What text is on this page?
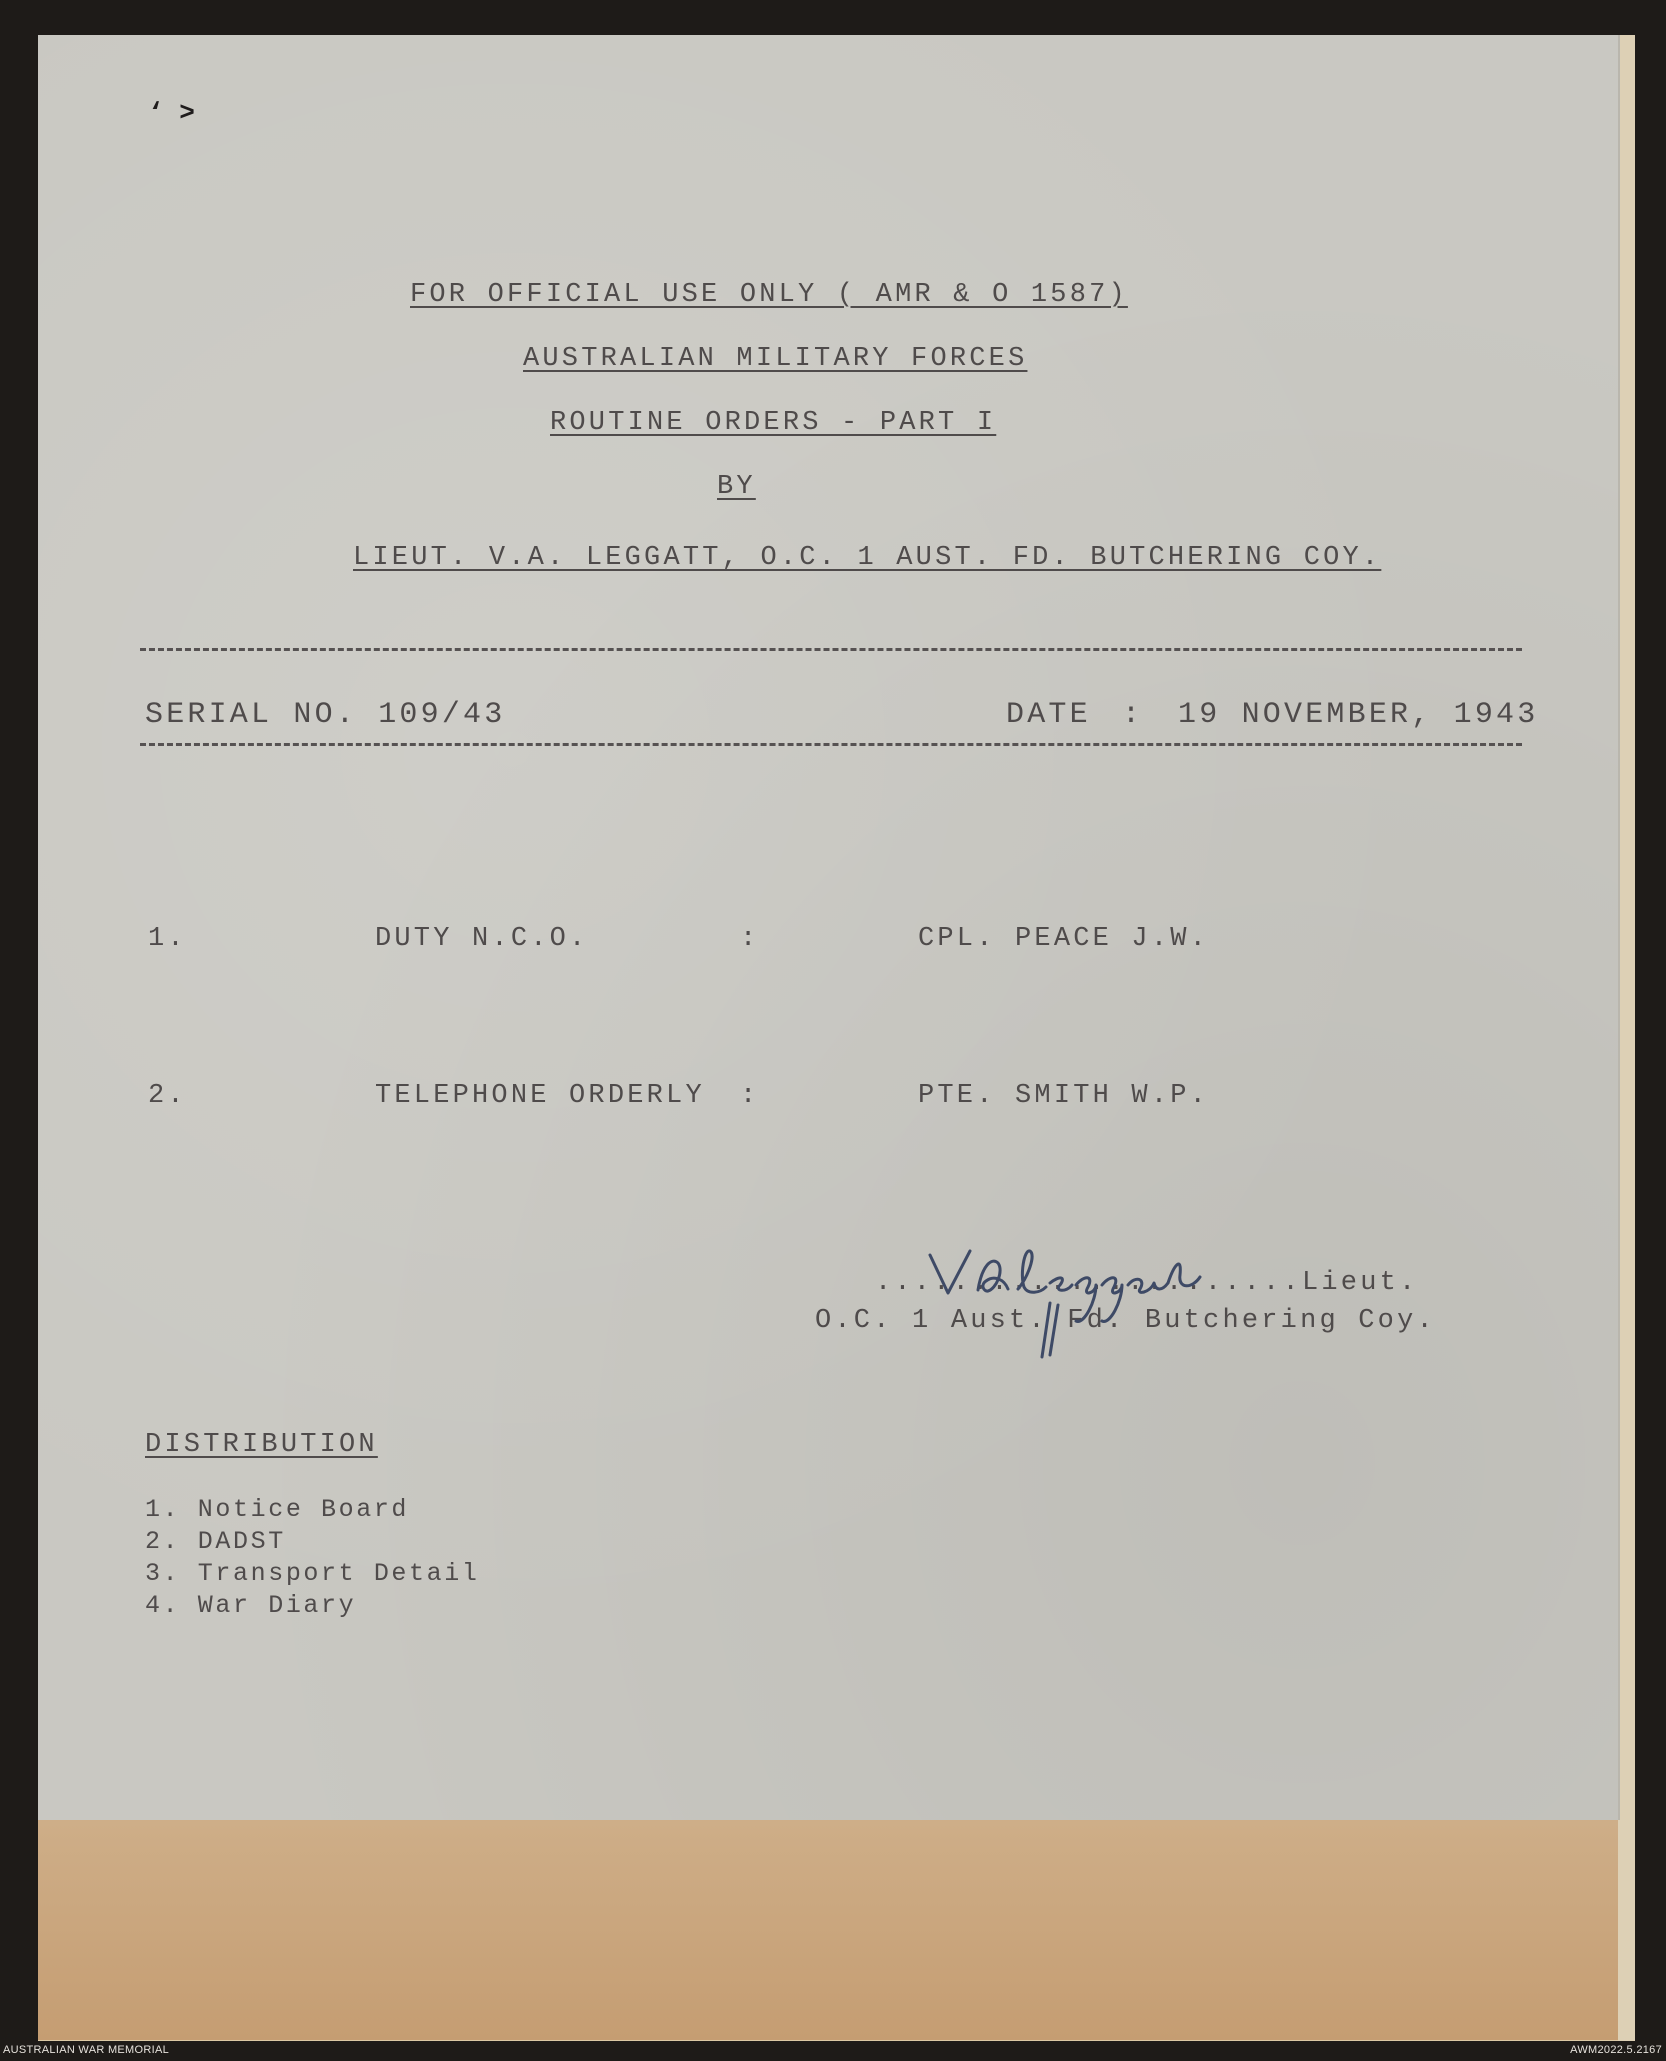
‘ ˃
FOR OFFICIAL USE ONLY ( AMR & O 1587)
AUSTRALIAN MILITARY FORCES
ROUTINE ORDERS - PART I
BY
LIEUT. V.A. LEGGATT, O.C. 1 AUST. FD. BUTCHERING COY.
SERIAL NO. 109/43	DATE : 19 NOVEMBER, 1943
1.	DUTY N.C.O.	:	CPL. PEACE J.W.
2.	TELEPHONE ORDERLY :	PTE. SMITH W.P.
...................... Lieut.
O.C. 1 Aust. Fd. Butchering Coy.
DISTRIBUTION
1. Notice Board
2. DADST
3. Transport Detail
4. War Diary
AUSTRALIAN WAR MEMORIAL	AWM2022.5.2167
